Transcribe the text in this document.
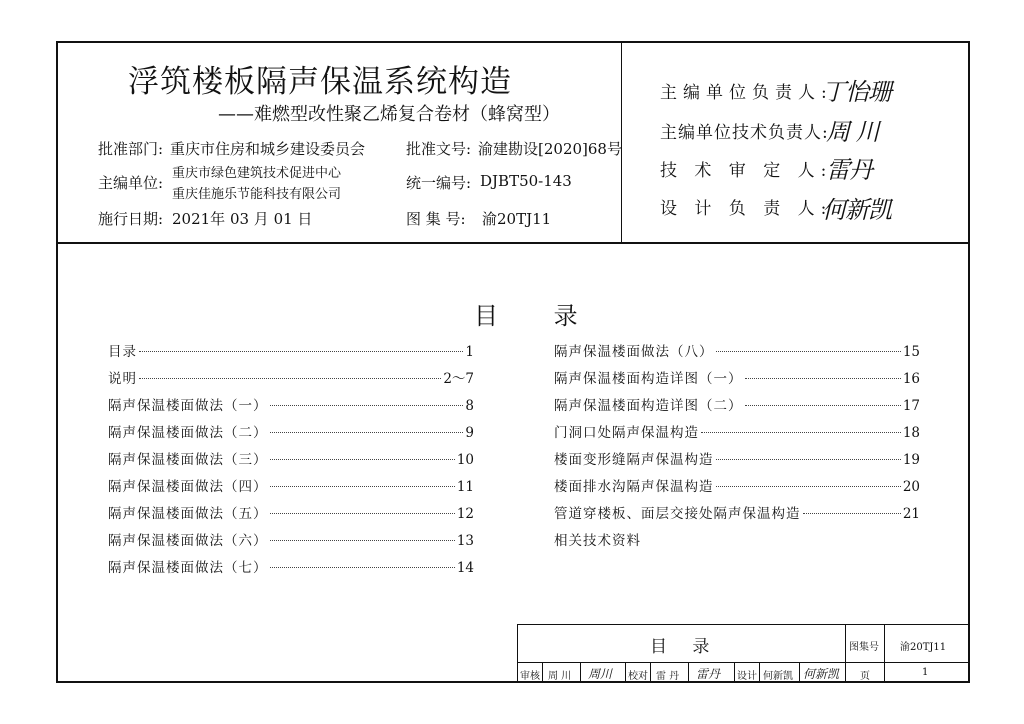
浮筑楼板隔声保温系统构造
——难燃型改性聚乙烯复合卷材（蜂窝型）
批准部门: 重庆市住房和城乡建设委员会	批准文号: 渝建勘设[2020]68号
主编单位:
重庆市绿色建筑技术促进中心
重庆佳施乐节能科技有限公司
统一编号: DJBT50-143
施行日期: 2021年 03 月 01 日	图 集 号: 渝20TJ11
主编单位负责人:
丁怡珊
主编单位技术负责人:
周 川
技 术 审 定 人:
雷丹
设 计 负 责 人:
何新凯
目 录
目录	1
说明	2～7
隔声保温楼面做法（一）	8
隔声保温楼面做法（二）	9
隔声保温楼面做法（三）	10
隔声保温楼面做法（四）	11
隔声保温楼面做法（五）	12
隔声保温楼面做法（六）	13
隔声保温楼面做法（七）	14
隔声保温楼面做法（八）	15
隔声保温楼面构造详图（一）	16
隔声保温楼面构造详图（二）	17
门洞口处隔声保温构造	18
楼面变形缝隔声保温构造	19
楼面排水沟隔声保温构造	20
管道穿楼板、面层交接处隔声保温构造	21
相关技术资料
目 录	图集号 渝20TJ11
审核 周 川 周川 校对 雷 丹 雷丹 设计 何新凯 何新凯 页	1
